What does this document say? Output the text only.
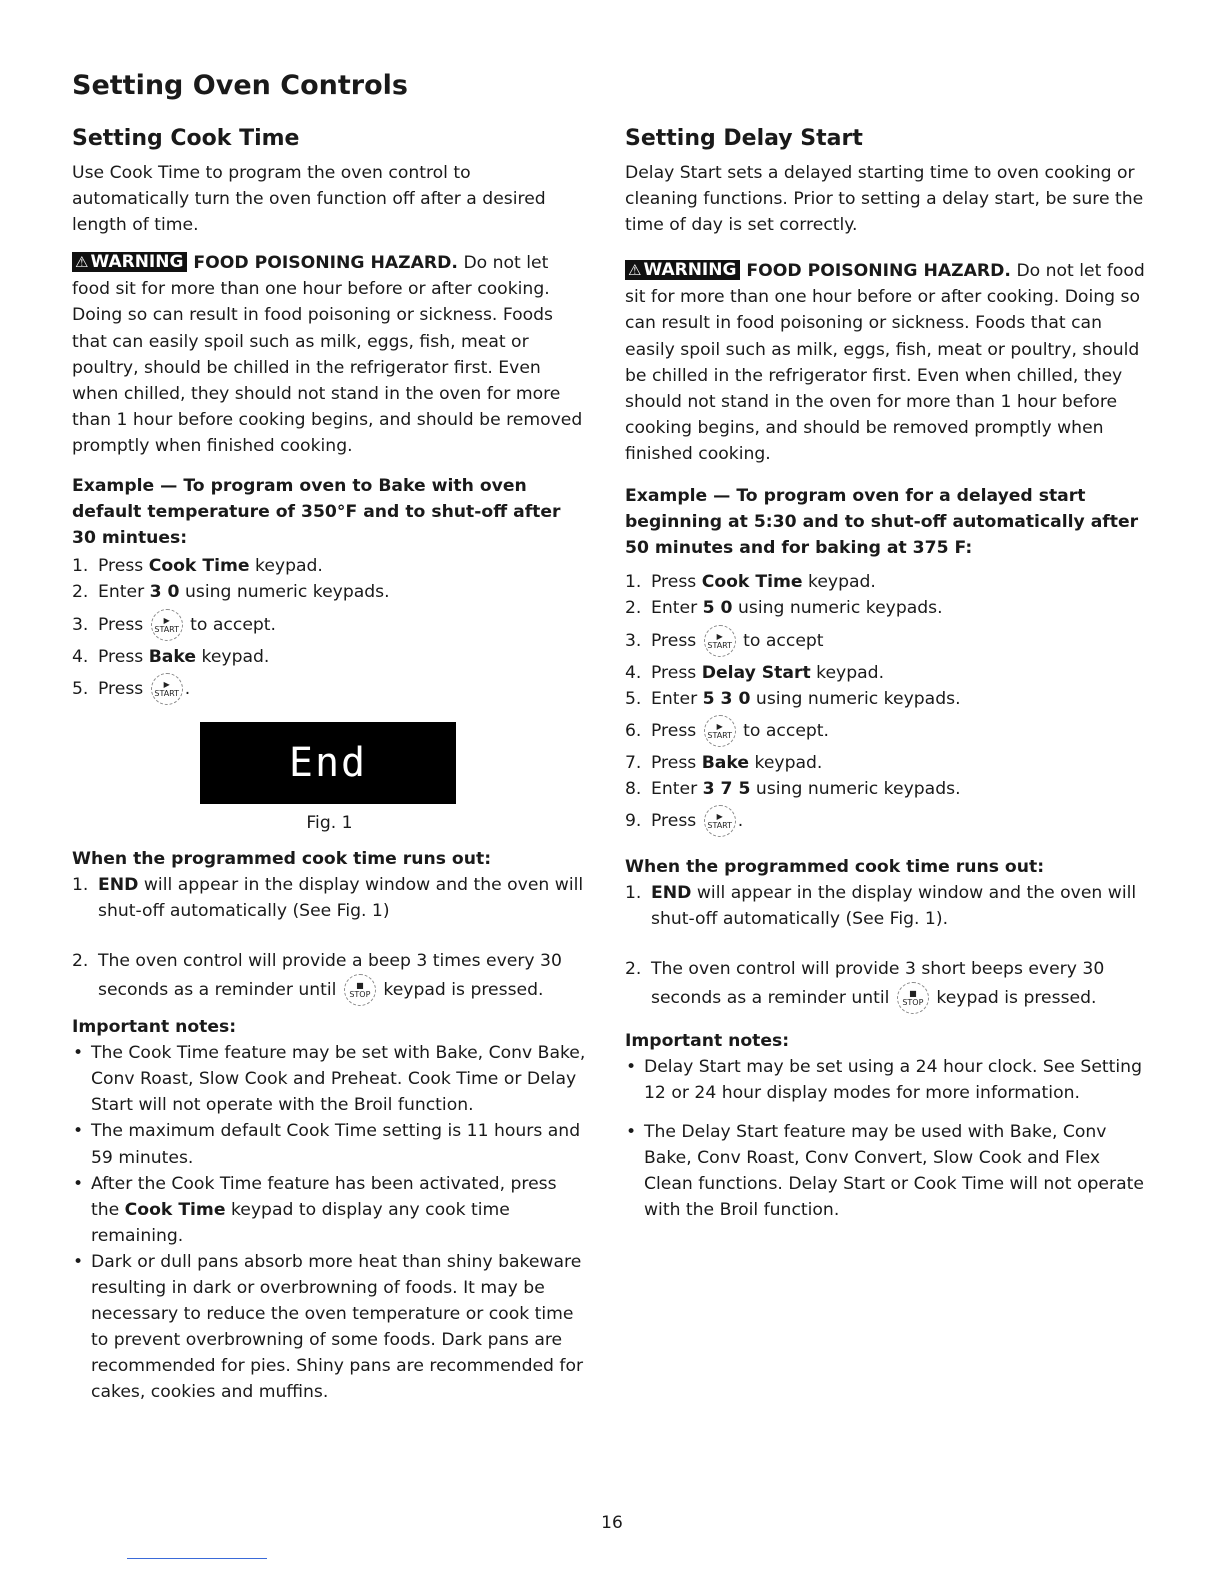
Setting Oven Controls
Setting Cook Time

Use Cook Time to program the oven control to automatically turn the oven function off after a desired length of time.

⚠ WARNING FOOD POISONING HAZARD. Do not let food sit for more than one hour before or after cooking. Doing so can result in food poisoning or sickness. Foods that can easily spoil such as milk, eggs, fish, meat or poultry, should be chilled in the refrigerator first. Even when chilled, they should not stand in the oven for more than 1 hour before cooking begins, and should be removed promptly when finished cooking.

Example — To program oven to Bake with oven default temperature of 350°F and to shut-off after 30 mintues:

1. Press Cook Time keypad.
2. Enter 3 0 using numeric keypads.
3. Press	▶
START to accept.
4. Press Bake keypad.
5. Press	▶
START .
End

Fig. 1

When the programmed cook time runs out:

1. END will appear in the display window and the oven will shut-off automatically (See Fig. 1)
2. The oven control will provide a beep 3 times every 30 seconds as a reminder until	■
STOP keypad is pressed.

Important notes:

• The Cook Time feature may be set with Bake, Conv Bake, Conv Roast, Slow Cook and Preheat. Cook Time or Delay Start will not operate with the Broil function.
• The maximum default Cook Time setting is 11 hours and 59 minutes.
• After the Cook Time feature has been activated, press the Cook Time keypad to display any cook time remaining.
• Dark or dull pans absorb more heat than shiny bakeware resulting in dark or overbrowning of foods. It may be necessary to reduce the oven temperature or cook time to prevent overbrowning of some foods. Dark pans are recommended for pies. Shiny pans are recommended for cakes, cookies and muffins.
Setting Delay Start

Delay Start sets a delayed starting time to oven cooking or cleaning functions. Prior to setting a delay start, be sure the time of day is set correctly.

⚠ WARNING FOOD POISONING HAZARD. Do not let food sit for more than one hour before or after cooking. Doing so can result in food poisoning or sickness. Foods that can easily spoil such as milk, eggs, fish, meat or poultry, should be chilled in the refrigerator first. Even when chilled, they should not stand in the oven for more than 1 hour before cooking begins, and should be removed promptly when finished cooking.

Example — To program oven for a delayed start beginning at 5:30 and to shut-off automatically after 50 minutes and for baking at 375 F:

1. Press Cook Time keypad.
2. Enter 5 0 using numeric keypads.
3. Press	▶
START to accept
4. Press Delay Start keypad.
5. Enter 5 3 0 using numeric keypads.
6. Press	▶
START to accept.
7. Press Bake keypad.
8. Enter 3 7 5 using numeric keypads.
9. Press	▶
START .

When the programmed cook time runs out:

1. END will appear in the display window and the oven will shut-off automatically (See Fig. 1).
2. The oven control will provide 3 short beeps every 30 seconds as a reminder until	■
STOP keypad is pressed.

Important notes:

• Delay Start may be set using a 24 hour clock. See Setting 12 or 24 hour display modes for more information.
• The Delay Start feature may be used with Bake, Conv Bake, Conv Roast, Conv Convert, Slow Cook and Flex Clean functions. Delay Start or Cook Time will not operate with the Broil function.
16
